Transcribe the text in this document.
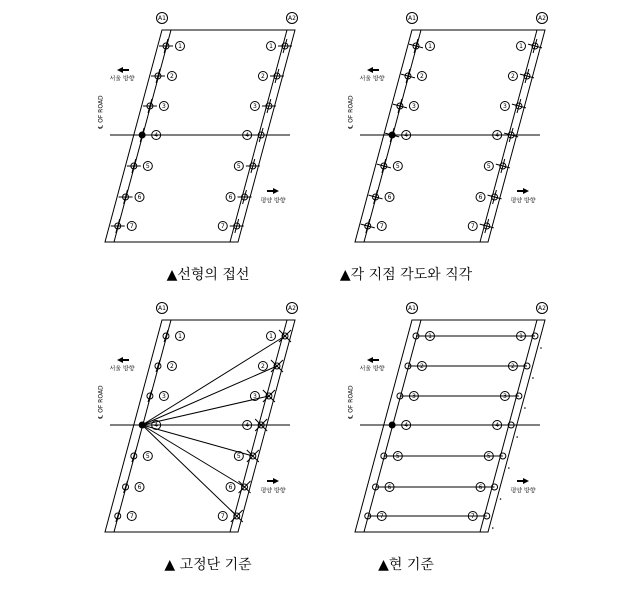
A1	A2
서울 방향
평양 방향
℄ OF ROAD
1	1
2	2
3	3
4	4
5	5
6	6
7	7
▲선형의 접선
A1	A2
서울 방향
평양 방향
℄ OF ROAD
1	1
2	2
3	3
4	4
5	5
6	6
7	7
▲각 지점 각도와 직각
A1	A2
서울 방향
평양 방향
℄ OF ROAD
1	1
2	2
3	3
4	4
5	5
6	6
7	7
▲ 고정단 기준
A1	A2
서울 방향
평양 방향
℄ OF ROAD
1	1
2	2
3	3
4	4
5	5
6	6
7	7
▲현 기준
